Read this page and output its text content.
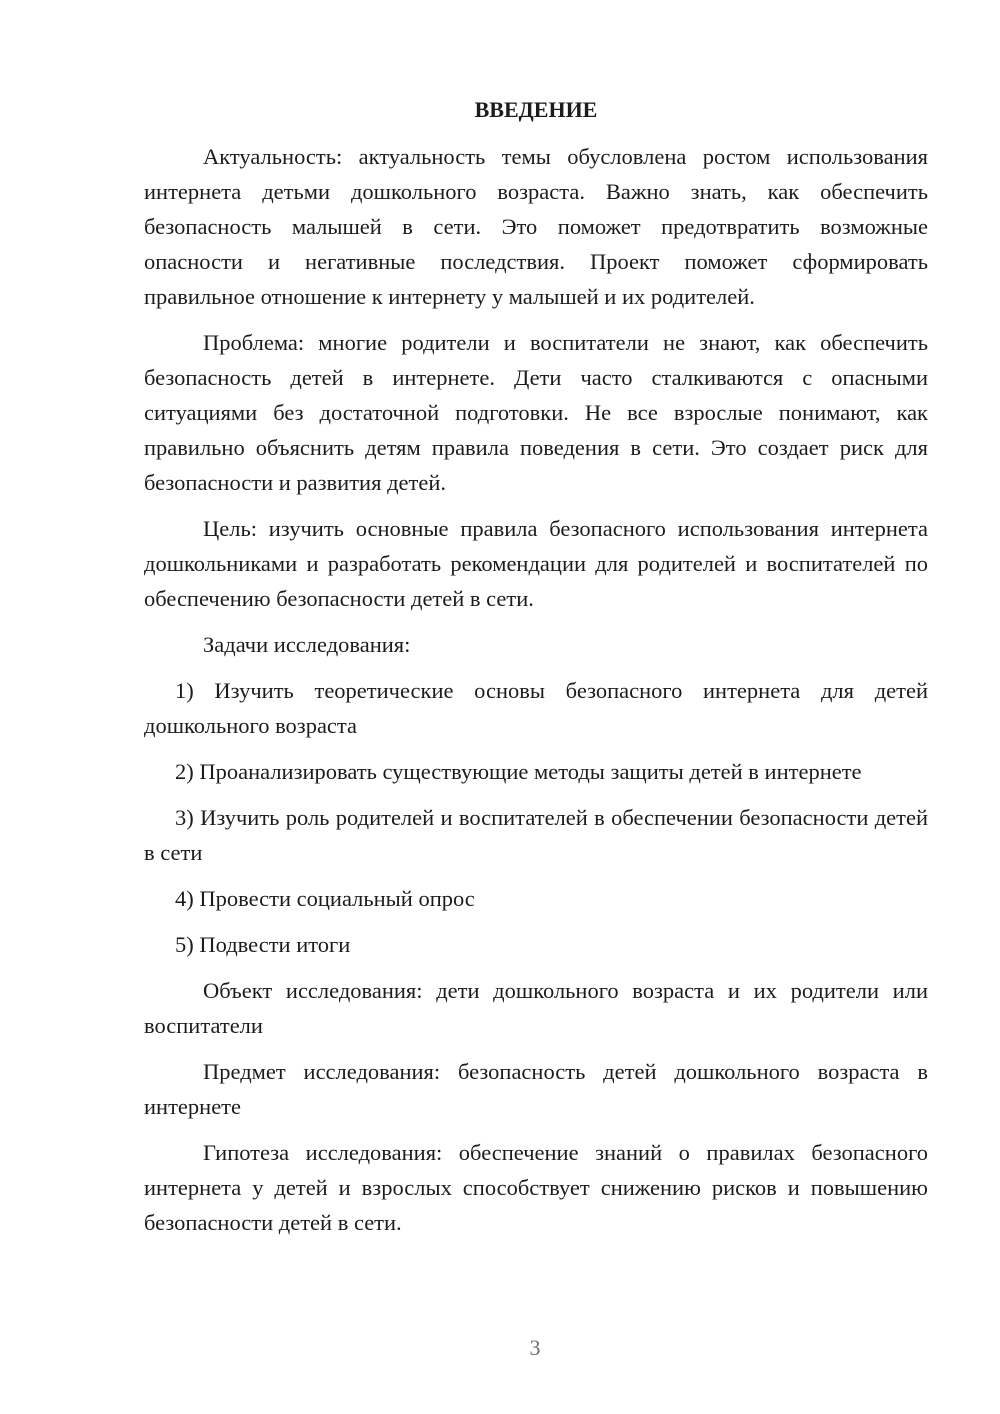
ВВЕДЕНИЕ

Актуальность: актуальность темы обусловлена ростом использования интернета детьми дошкольного возраста. Важно знать, как обеспечить безопасность малышей в сети. Это поможет предотвратить возможные опасности и негативные последствия. Проект поможет сформировать правильное отношение к интернету у малышей и их родителей.

Проблема: многие родители и воспитатели не знают, как обеспечить безопасность детей в интернете. Дети часто сталкиваются с опасными ситуациями без достаточной подготовки. Не все взрослые понимают, как правильно объяснить детям правила поведения в сети. Это создает риск для безопасности и развития детей.

Цель: изучить основные правила безопасного использования интернета дошкольниками и разработать рекомендации для родителей и воспитателей по обеспечению безопасности детей в сети.

Задачи исследования:

1) Изучить теоретические основы безопасного интернета для детей дошкольного возраста

2) Проанализировать существующие методы защиты детей в интернете

3) Изучить роль родителей и воспитателей в обеспечении безопасности детей в сети

4) Провести социальный опрос

5) Подвести итоги

Объект исследования: дети дошкольного возраста и их родители или воспитатели

Предмет исследования: безопасность детей дошкольного возраста в интернете

Гипотеза исследования: обеспечение знаний о правилах безопасного интернета у детей и взрослых способствует снижению рисков и повышению безопасности детей в сети.

3
